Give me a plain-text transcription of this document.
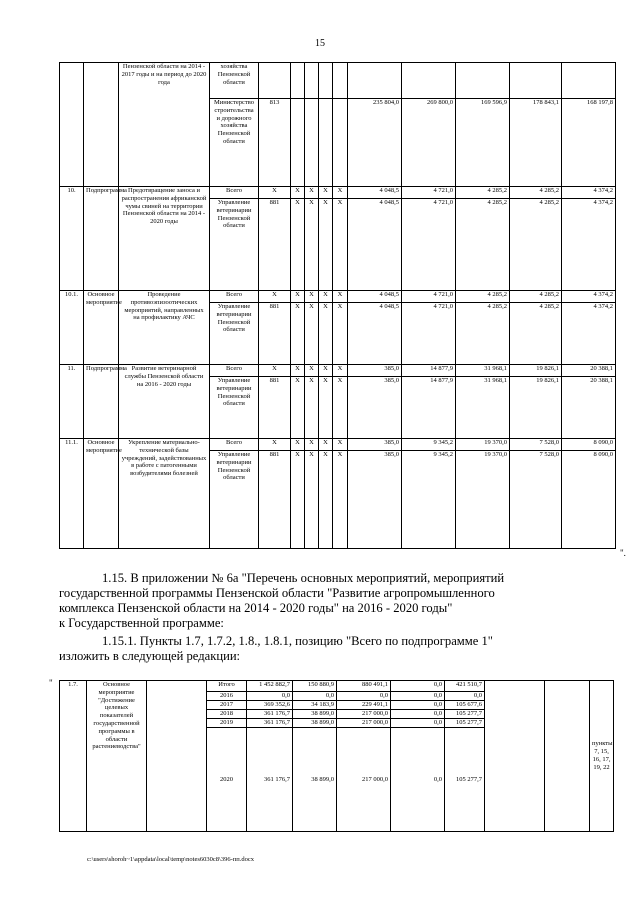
15
		Пензенской области на 2014 - 2017 годы и на период до 2020 года	хозяйства Пензенской области										
			Министерство строительства и дорожного хозяйства Пензенской области	813					235 804,0	269 800,0	169 596,9	178 843,1	168 197,8
10.	Подпрограмма	Предотвращение заноса и распространения африканской чумы свиней на территории Пензенской области на 2014 - 2020 годы	Всего	X	X	X	X	X	4 048,5	4 721,0	4 285,2	4 285,2	4 374,2
			Управление ветеринарии Пензенской области	881	X	X	X	X	4 048,5	4 721,0	4 285,2	4 285,2	4 374,2
10.1.	Основное мероприятие	Проведение противоэпизоотических мероприятий, направленных на профилактику АЧС	Всего	X	X	X	X	X	4 048,5	4 721,0	4 285,2	4 285,2	4 374,2
			Управление ветеринарии Пензенской области	881	X	X	X	X	4 048,5	4 721,0	4 285,2	4 285,2	4 374,2
11.	Подпрограмма	Развитие ветеринарной службы Пензенской области на 2016 - 2020 годы	Всего	X	X	X	X	X	385,0	14 877,9	31 968,1	19 826,1	20 388,1
			Управление ветеринарии Пензенской области	881	X	X	X	X	385,0	14 877,9	31 968,1	19 826,1	20 388,1
11.1.	Основное мероприятие	Укрепление материально-технической базы учреждений, задействованных в работе с патогенными возбудителями болезней	Всего	X	X	X	X	X	385,0	9 345,2	19 370,0	7 528,0	8 090,0
			Управление ветеринарии Пензенской области	881	X	X	X	X	385,0	9 345,2	19 370,0	7 528,0	8 090,0
".
1.15. В приложении № 6а "Перечень основных мероприятий, мероприятий
государственной программы Пензенской области "Развитие агропромышленного
комплекса Пензенской области на 2014 - 2020 годы" на 2016 - 2020 годы"
к Государственной программе:
1.15.1. Пункты 1.7, 1.7.2, 1.8., 1.8.1, позицию "Всего по подпрограмме 1"
изложить в следующей редакции:
" 1.7.	Основное мероприятие "Достижение целевых показателей государственной программы в области растениеводства"		Итого	1 452 882,7	150 880,9	880 491,1	0,0	421 510,7			пункты 7, 15, 16, 17, 19, 22
			2016	0,0	0,0	0,0	0,0	0,0			
			2017	369 352,6	34 183,9	229 491,1	0,0	105 677,6			
			2018	361 176,7	38 899,0	217 000,0	0,0	105 277,7			
			2019	361 176,7	38 899,0	217 000,0	0,0	105 277,7			
			2020	361 176,7	38 899,0	217 000,0	0,0	105 277,7			
c:\users\shoroh~1\appdata\local\temp\notes6030c8\396-пп.docx
